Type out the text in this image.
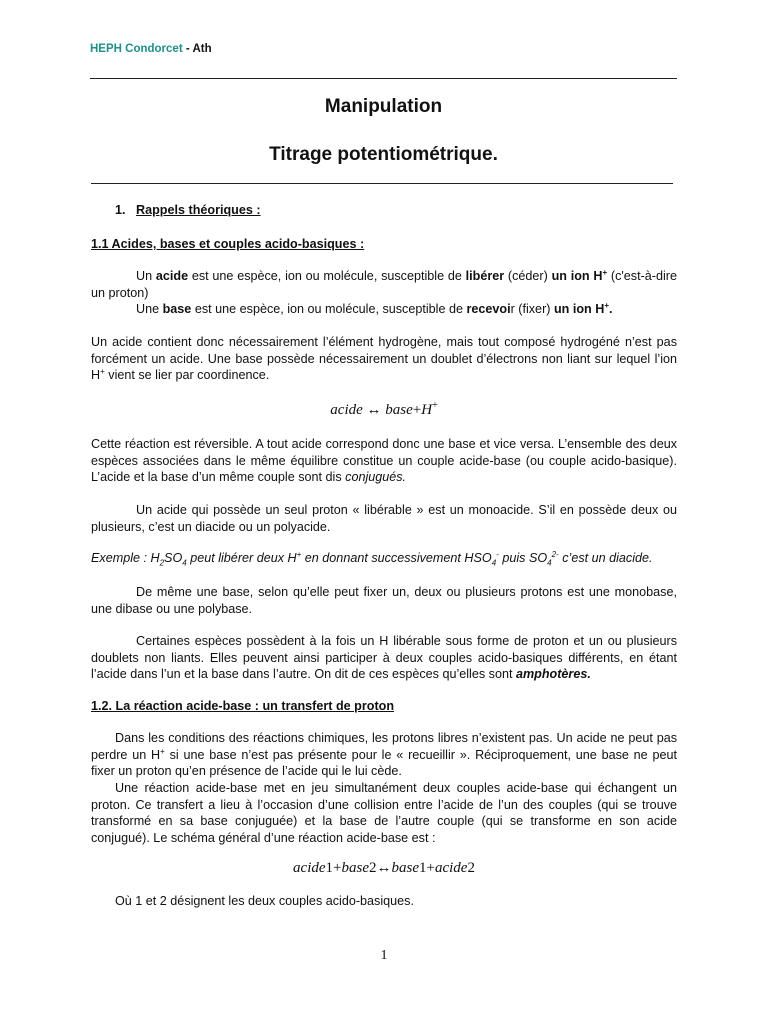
HEPH Condorcet - Ath
Manipulation
Titrage potentiométrique.
1. Rappels théoriques :
1.1 Acides, bases et couples acido-basiques :
Un acide est une espèce, ion ou molécule, susceptible de libérer (céder) un ion H+ (c'est-à-dire un proton)
Une base est une espèce, ion ou molécule, susceptible de recevoir (fixer) un ion H+.
Un acide contient donc nécessairement l’élément hydrogène, mais tout composé hydrogéné n’est pas forcément un acide. Une base possède nécessairement un doublet d’électrons non liant sur lequel l’ion H+ vient se lier par coordinence.
acide ↔ base+H+
Cette réaction est réversible. A tout acide correspond donc une base et vice versa. L’ensemble des deux espèces associées dans le même équilibre constitue un couple acide-base (ou couple acido-basique). L’acide et la base d’un même couple sont dis conjugués.
Un acide qui possède un seul proton « libérable » est un monoacide. S’il en possède deux ou plusieurs, c’est un diacide ou un polyacide.
Exemple : $H_2SO_4$ peut libérer deux H+ en donnant successivement $HSO_4^-$ puis $SO_4^{2-}$ c’est un diacide.
De même une base, selon qu’elle peut fixer un, deux ou plusieurs protons est une monobase, une dibase ou une polybase.
Certaines espèces possèdent à la fois un H libérable sous forme de proton et un ou plusieurs doublets non liants. Elles peuvent ainsi participer à deux couples acido-basiques différents, en étant l’acide dans l’un et la base dans l’autre. On dit de ces espèces qu’elles sont amphotères.
1.2. La réaction acide-base : un transfert de proton
Dans les conditions des réactions chimiques, les protons libres n’existent pas. Un acide ne peut pas perdre un H+ si une base n’est pas présente pour le « recueillir ». Réciproquement, une base ne peut fixer un proton qu’en présence de l’acide qui le lui cède.
Une réaction acide-base met en jeu simultanément deux couples acide-base qui échangent un proton. Ce transfert a lieu à l’occasion d’une collision entre l’acide de l’un des couples (qui se trouve transformé en sa base conjuguée) et la base de l’autre couple (qui se transforme en son acide conjugué). Le schéma général d’une réaction acide-base est :
acide1+base2↔base1+acide2
Où 1 et 2 désignent les deux couples acido-basiques.
1
